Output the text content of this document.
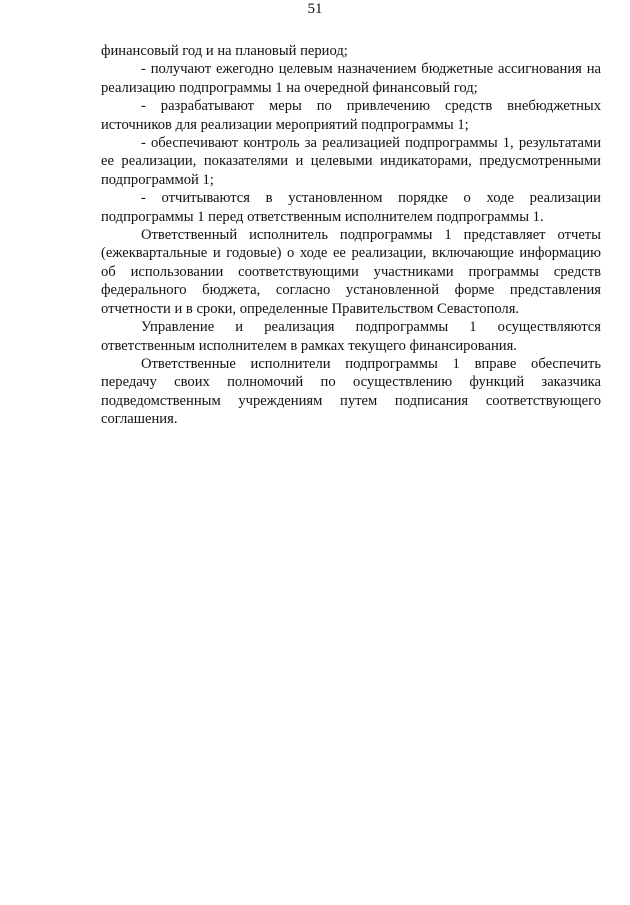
51

финансовый год и на плановый период;

- получают ежегодно целевым назначением бюджетные ассигнования на реализацию подпрограммы 1 на очередной финансовый год;

- разрабатывают меры по привлечению средств внебюджетных источников для реализации мероприятий подпрограммы 1;

- обеспечивают контроль за реализацией подпрограммы 1, результатами ее реализации, показателями и целевыми индикаторами, предусмотренными подпрограммой 1;

- отчитываются в установленном порядке о ходе реализации подпрограммы 1 перед ответственным исполнителем подпрограммы 1.

Ответственный исполнитель подпрограммы 1 представляет отчеты (ежеквартальные и годовые) о ходе ее реализации, включающие информацию об использовании соответствующими участниками программы средств федерального бюджета, согласно установленной форме представления отчетности и в сроки, определенные Правительством Севастополя.

Управление и реализация подпрограммы 1 осуществляются ответственным исполнителем в рамках текущего финансирования.

Ответственные исполнители подпрограммы 1 вправе обеспечить передачу своих полномочий по осуществлению функций заказчика подведомственным учреждениям путем подписания соответствующего соглашения.
